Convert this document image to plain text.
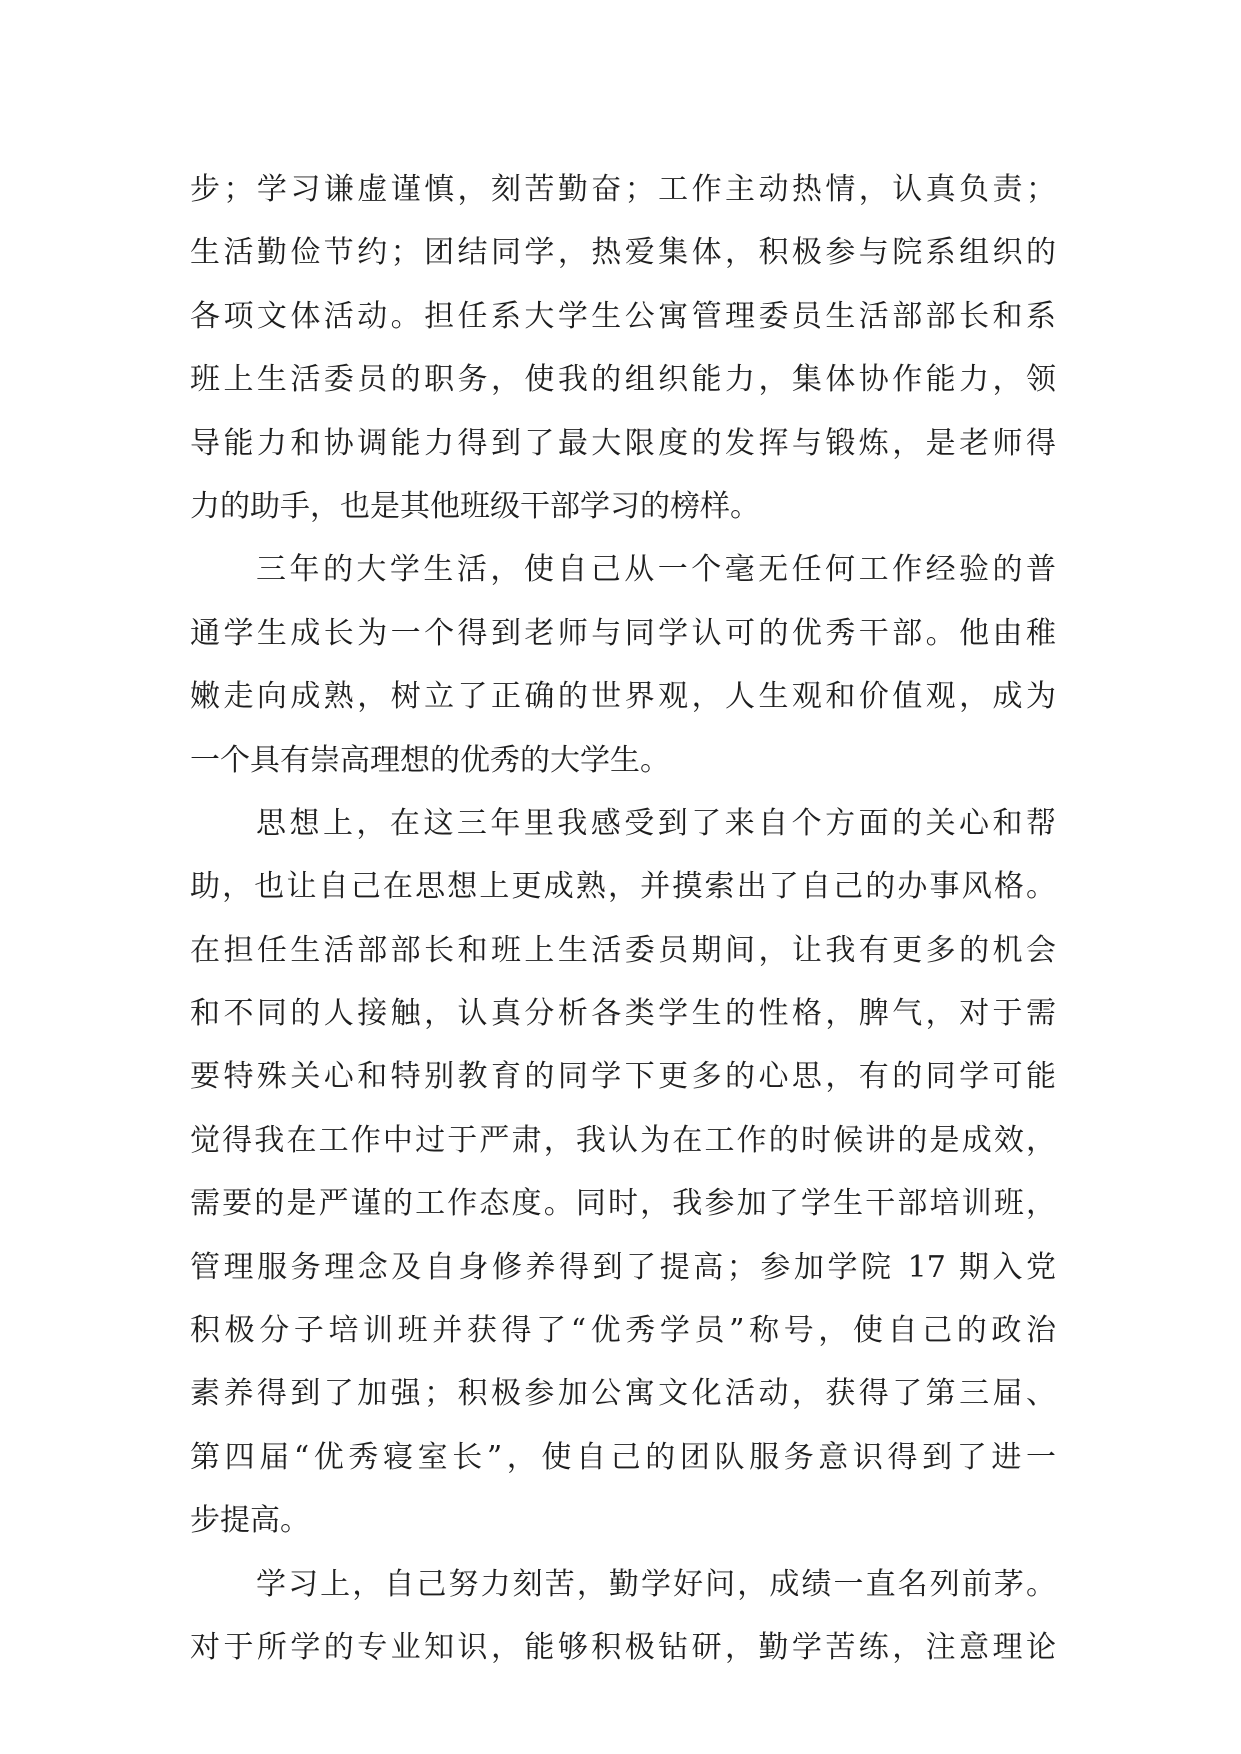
步；学习谦虚谨慎，刻苦勤奋；工作主动热情，认真负责；
生活勤俭节约；团结同学，热爱集体，积极参与院系组织的
各项文体活动。担任系大学生公寓管理委员生活部部长和系
班上生活委员的职务，使我的组织能力，集体协作能力，领
导能力和协调能力得到了最大限度的发挥与锻炼，是老师得
力的助手，也是其他班级干部学习的榜样。
三年的大学生活，使自己从一个毫无任何工作经验的普
通学生成长为一个得到老师与同学认可的优秀干部。他由稚
嫩走向成熟，树立了正确的世界观，人生观和价值观，成为
一个具有崇高理想的优秀的大学生。
思想上，在这三年里我感受到了来自个方面的关心和帮
助，也让自己在思想上更成熟，并摸索出了自己的办事风格。
在担任生活部部长和班上生活委员期间，让我有更多的机会
和不同的人接触，认真分析各类学生的性格，脾气，对于需
要特殊关心和特别教育的同学下更多的心思，有的同学可能
觉得我在工作中过于严肃，我认为在工作的时候讲的是成效，
需要的是严谨的工作态度。同时，我参加了学生干部培训班，
管理服务理念及自身修养得到了提高；参加学院 17 期入党
积极分子培训班并获得了“优秀学员”称号，使自己的政治
素养得到了加强；积极参加公寓文化活动，获得了第三届、
第四届“优秀寝室长”，使自己的团队服务意识得到了进一
步提高。
学习上，自己努力刻苦，勤学好问，成绩一直名列前茅。
对于所学的专业知识，能够积极钻研，勤学苦练，注意理论
